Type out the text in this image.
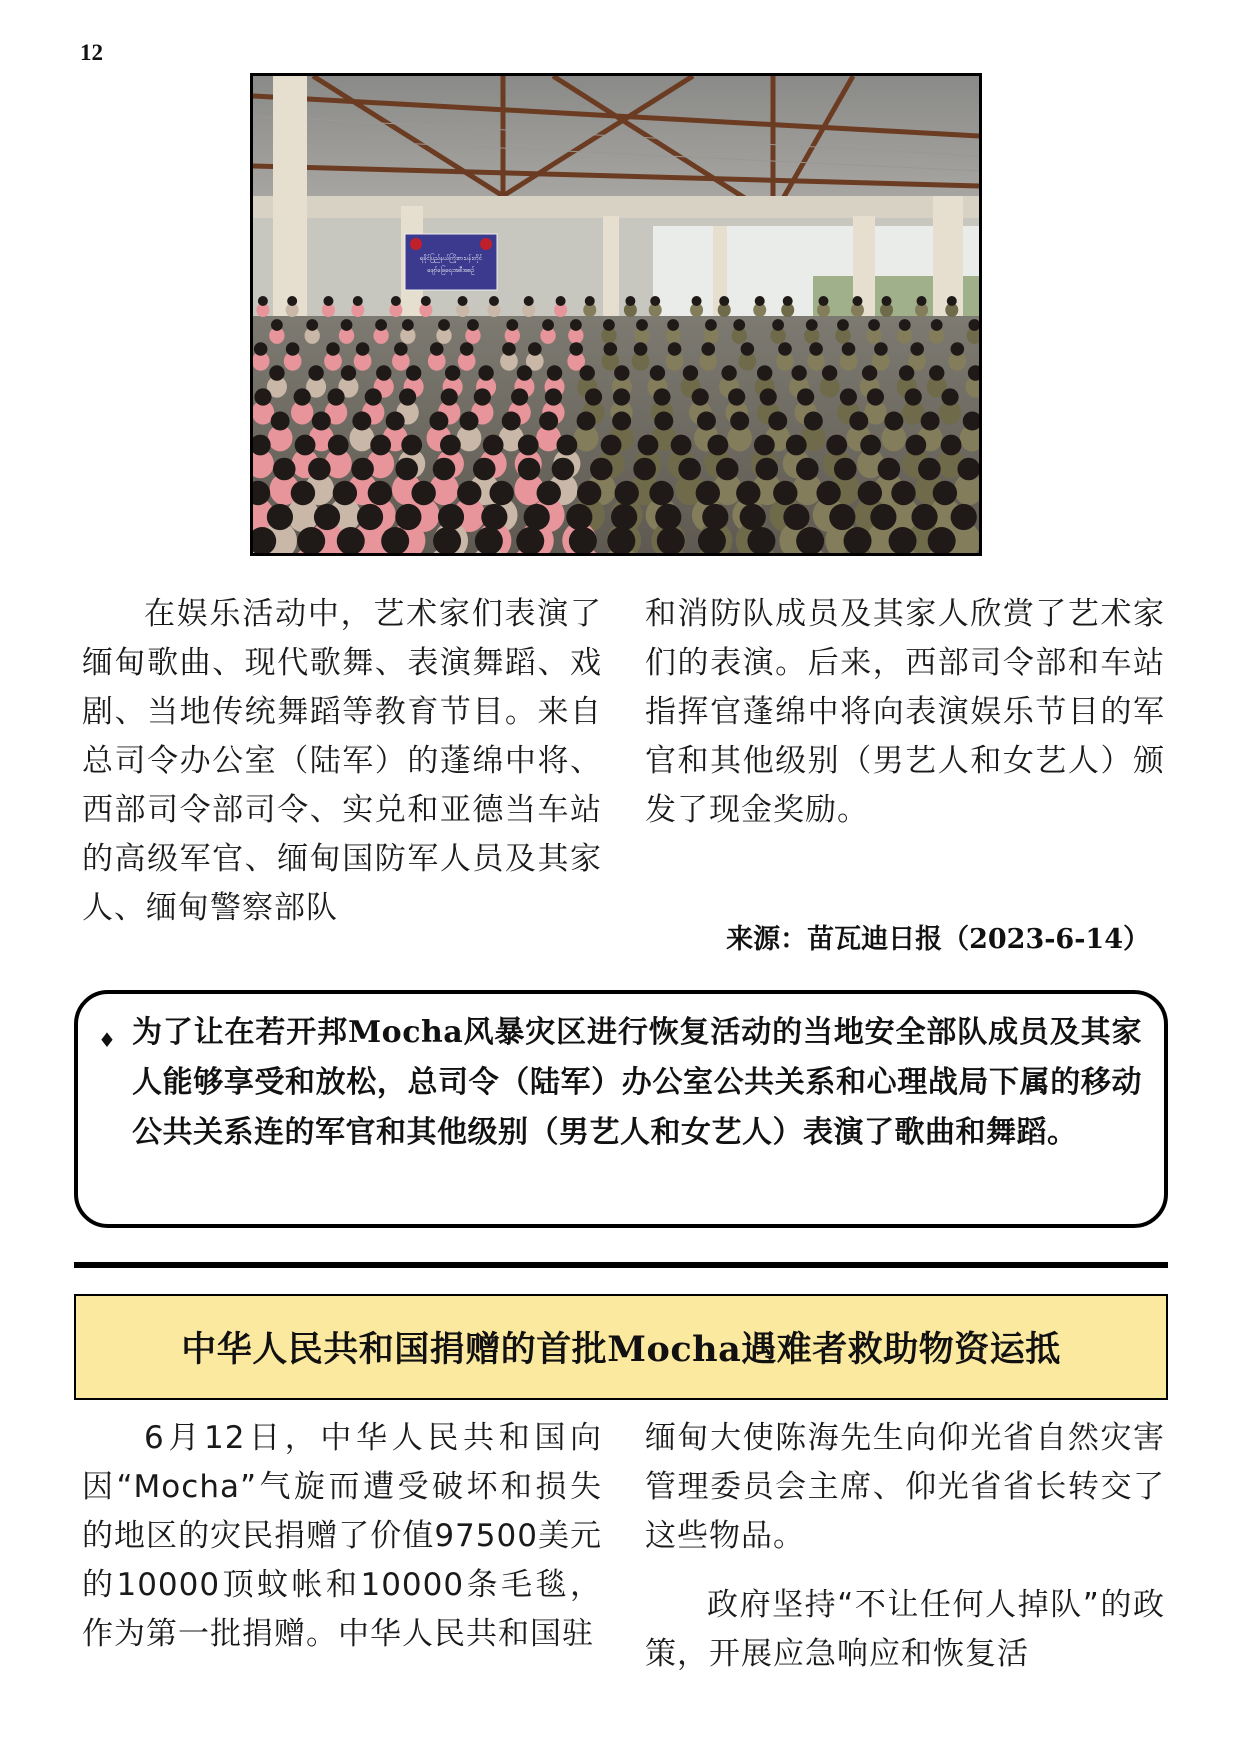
12
ရခိုင်ပြည်နယ်ကြိုးစားပန်းတိုင်
ဖျော်ဖြေရေးအစီအစဉ်

在娱乐活动中，艺术家们表演了缅甸歌曲、现代歌舞、表演舞蹈、戏剧、当地传统舞蹈等教育节目。来自总司令办公室（陆军）的蓬绵中将、西部司令部司令、实兑和亚德当车站的高级军官、缅甸国防军人员及其家人、缅甸警察部队

和消防队成员及其家人欣赏了艺术家们的表演。后来，西部司令部和车站指挥官蓬绵中将向表演娱乐节目的军官和其他级别（男艺人和女艺人）颁发了现金奖励。

来源：苗瓦迪日报（2023-6-14）
♦ 为了让在若开邦Mocha风暴灾区进行恢复活动的当地安全部队成员及其家人能够享受和放松，总司令（陆军）办公室公共关系和心理战局下属的移动公共关系连的军官和其他级别（男艺人和女艺人）表演了歌曲和舞蹈。
中华人民共和国捐赠的首批Mocha遇难者救助物资运抵

6月12日，中华人民共和国向因“Mocha”气旋而遭受破坏和损失的地区的灾民捐赠了价值97500美元的10000顶蚊帐和10000条毛毯，作为第一批捐赠。中华人民共和国驻

缅甸大使陈海先生向仰光省自然灾害管理委员会主席、仰光省省长转交了这些物品。

政府坚持“不让任何人掉队”的政策，开展应急响应和恢复活
